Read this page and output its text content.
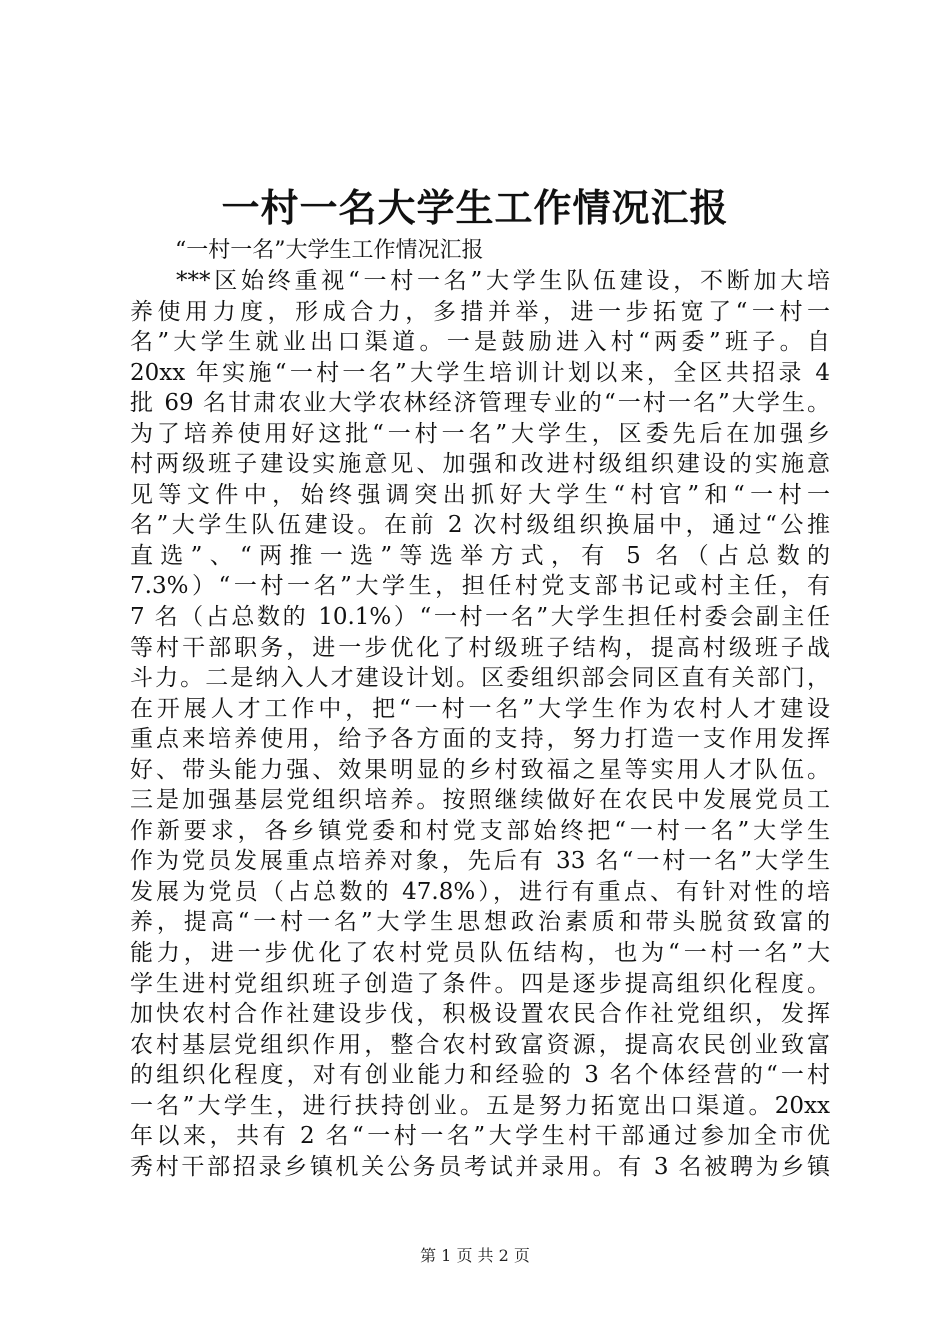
一村一名大学生工作情况汇报
“一村一名”大学生工作情况汇报
***区始终重视“一村一名”大学生队伍建设，不断加大培
养使用力度，形成合力，多措并举，进一步拓宽了“一村一
名”大学生就业出口渠道。一是鼓励进入村“两委”班子。自
20xx 年实施“一村一名”大学生培训计划以来，全区共招录 4
批 69 名甘肃农业大学农林经济管理专业的“一村一名”大学生。
为了培养使用好这批“一村一名”大学生，区委先后在加强乡
村两级班子建设实施意见、加强和改进村级组织建设的实施意
见等文件中，始终强调突出抓好大学生“村官”和“一村一
名”大学生队伍建设。在前 2 次村级组织换届中，通过“公推
直选”、“两推一选”等选举方式，有 5 名（占总数的
7.3%）“一村一名”大学生，担任村党支部书记或村主任，有
7 名（占总数的 10.1%）“一村一名”大学生担任村委会副主任
等村干部职务，进一步优化了村级班子结构，提高村级班子战
斗力。二是纳入人才建设计划。区委组织部会同区直有关部门，
在开展人才工作中，把“一村一名”大学生作为农村人才建设
重点来培养使用，给予各方面的支持，努力打造一支作用发挥
好、带头能力强、效果明显的乡村致福之星等实用人才队伍。
三是加强基层党组织培养。按照继续做好在农民中发展党员工
作新要求，各乡镇党委和村党支部始终把“一村一名”大学生
作为党员发展重点培养对象，先后有 33 名“一村一名”大学生
发展为党员（占总数的 47.8%），进行有重点、有针对性的培
养，提高“一村一名”大学生思想政治素质和带头脱贫致富的
能力，进一步优化了农村党员队伍结构，也为“一村一名”大
学生进村党组织班子创造了条件。四是逐步提高组织化程度。
加快农村合作社建设步伐，积极设置农民合作社党组织，发挥
农村基层党组织作用，整合农村致富资源，提高农民创业致富
的组织化程度，对有创业能力和经验的 3 名个体经营的“一村
一名”大学生，进行扶持创业。五是努力拓宽出口渠道。20xx
年以来，共有 2 名“一村一名”大学生村干部通过参加全市优
秀村干部招录乡镇机关公务员考试并录用。有 3 名被聘为乡镇
第 1 页 共 2 页
